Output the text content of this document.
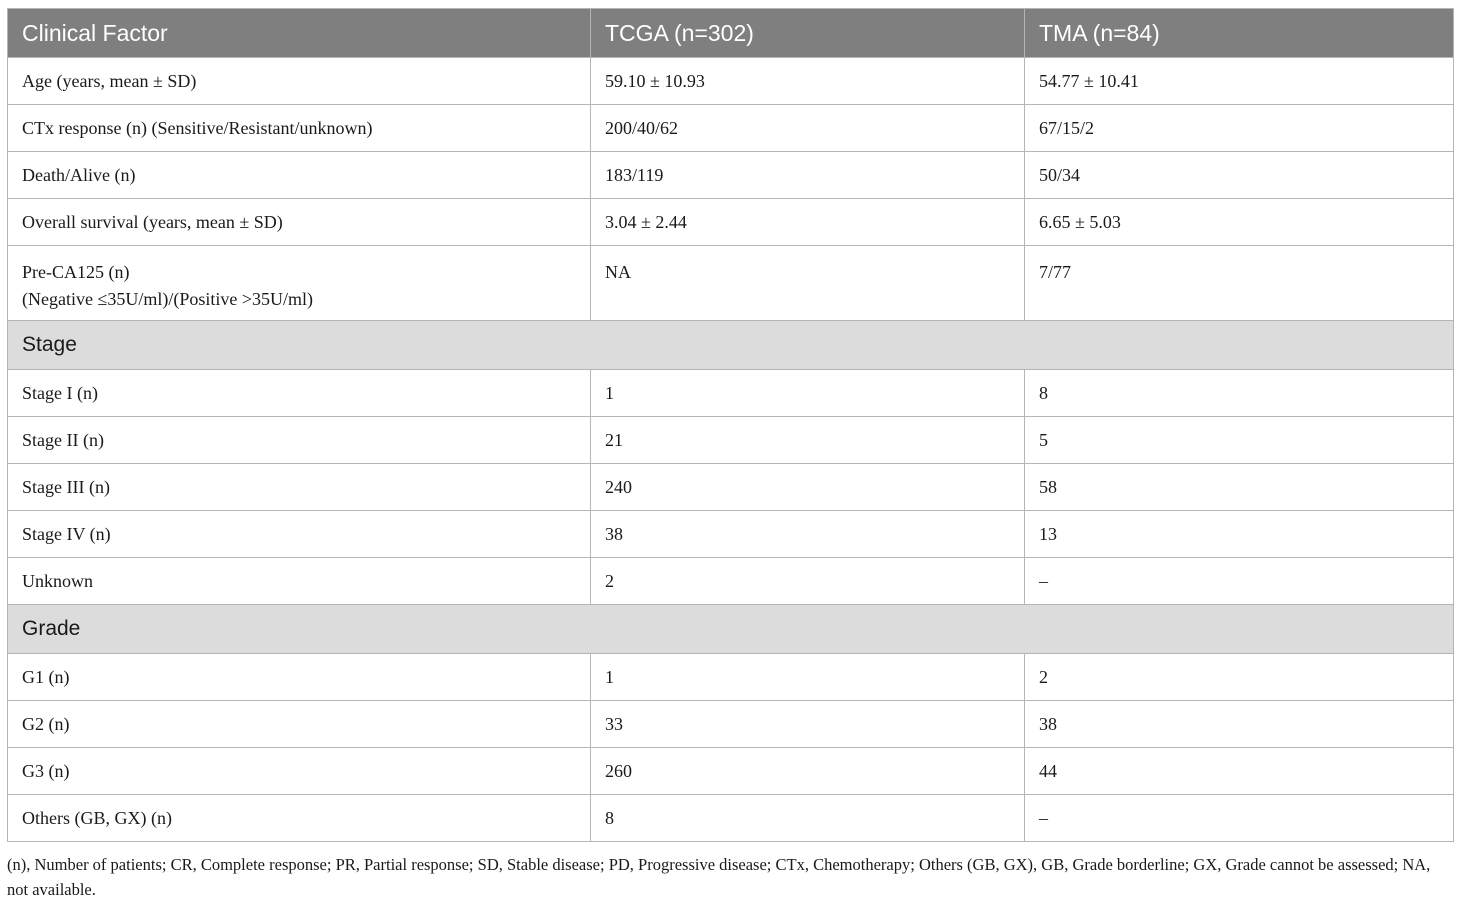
Clinical Factor	TCGA (n=302)	TMA (n=84)
Age (years, mean ± SD)	59.10 ± 10.93	54.77 ± 10.41
CTx response (n) (Sensitive/Resistant/unknown)	200/40/62	67/15/2
Death/Alive (n)	183/119	50/34
Overall survival (years, mean ± SD)	3.04 ± 2.44	6.65 ± 5.03

Pre-CA125 (n)
(Negative ≤35U/ml)/(Positive >35U/ml)	NA	7/77
Stage		
Stage I (n)	1	8
Stage II (n)	21	5
Stage III (n)	240	58
Stage IV (n)	38	13
Unknown	2	–
Grade		
G1 (n)	1	2
G2 (n)	33	38
G3 (n)	260	44
Others (GB, GX) (n)	8	–
(n), Number of patients; CR, Complete response; PR, Partial response; SD, Stable disease; PD, Progressive disease; CTx, Chemotherapy; Others (GB, GX), GB, Grade borderline; GX, Grade cannot be assessed; NA, not available.
